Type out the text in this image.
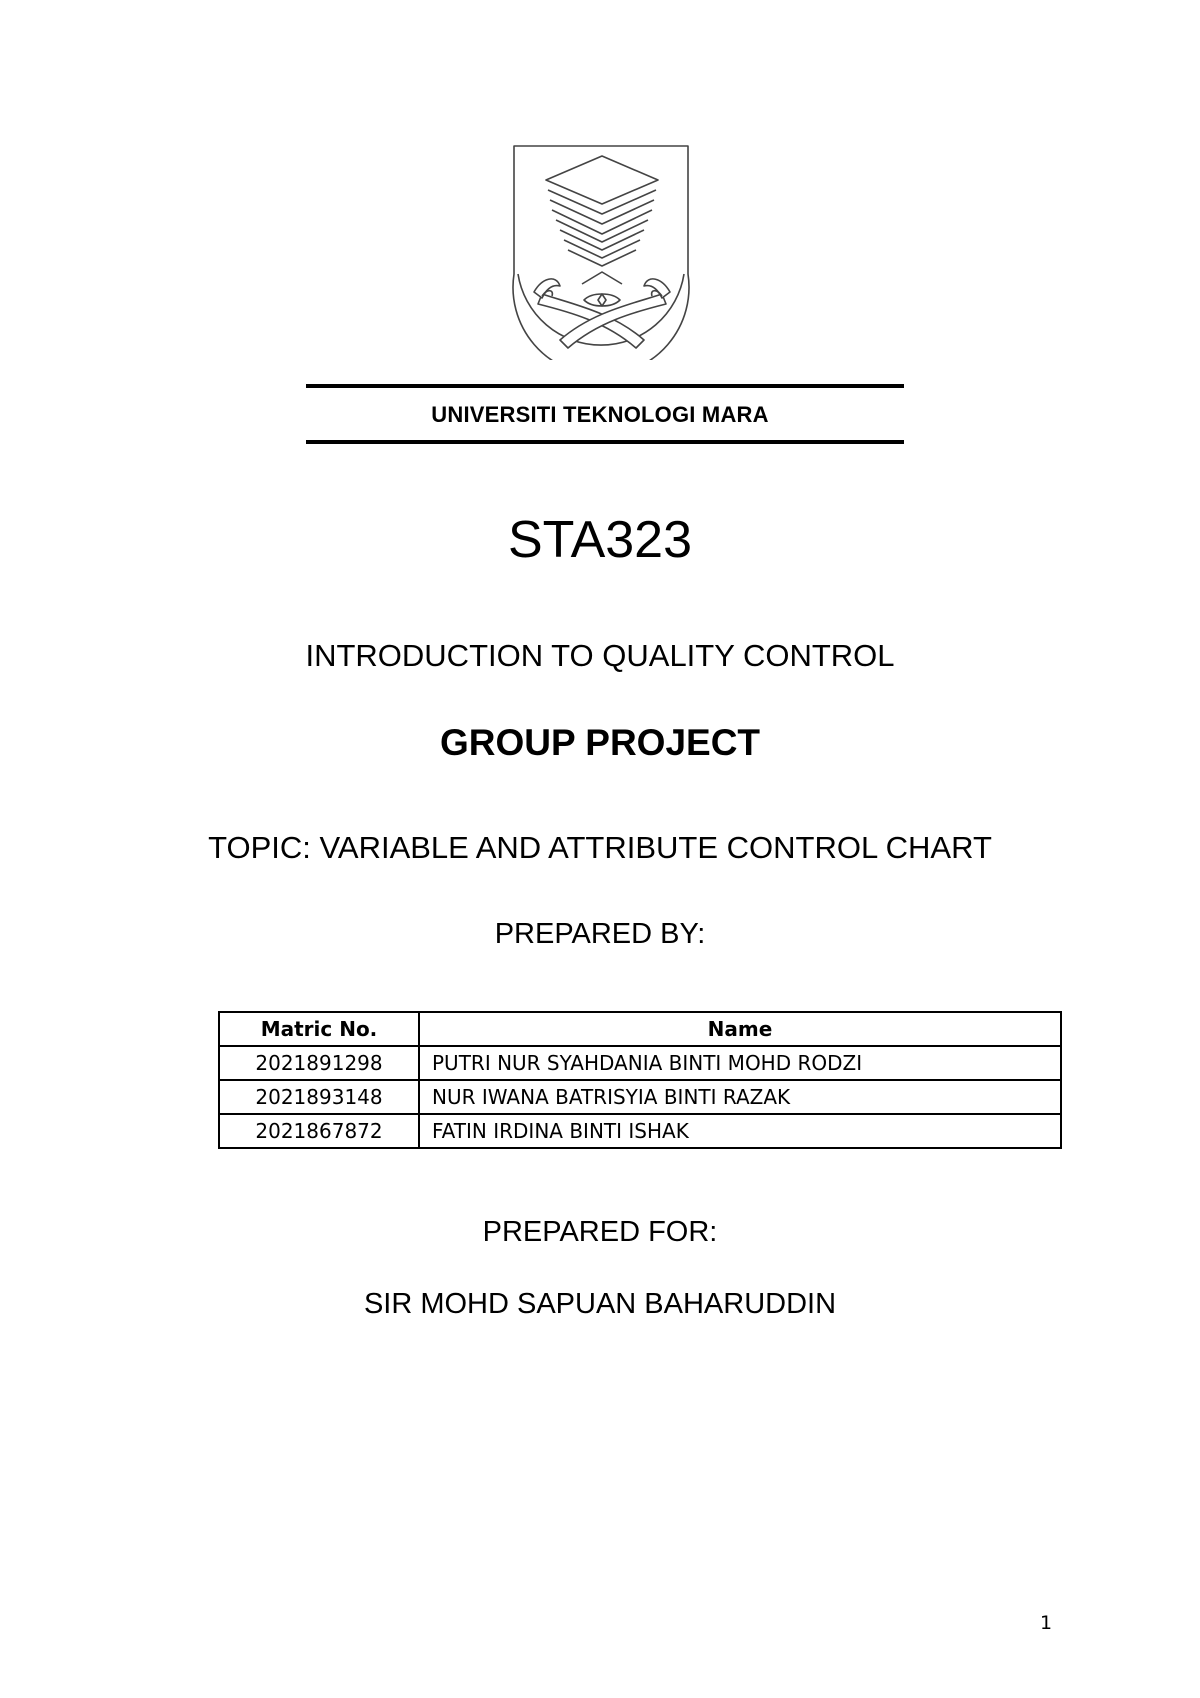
UNIVERSITI TEKNOLOGI MARA
STA323
INTRODUCTION TO QUALITY CONTROL
GROUP PROJECT
TOPIC: VARIABLE AND ATTRIBUTE CONTROL CHART
PREPARED BY:
Matric No.	Name
2021891298	PUTRI NUR SYAHDANIA BINTI MOHD RODZI
2021893148	NUR IWANA BATRISYIA BINTI RAZAK
2021867872	FATIN IRDINA BINTI ISHAK
PREPARED FOR:
SIR MOHD SAPUAN BAHARUDDIN
1
